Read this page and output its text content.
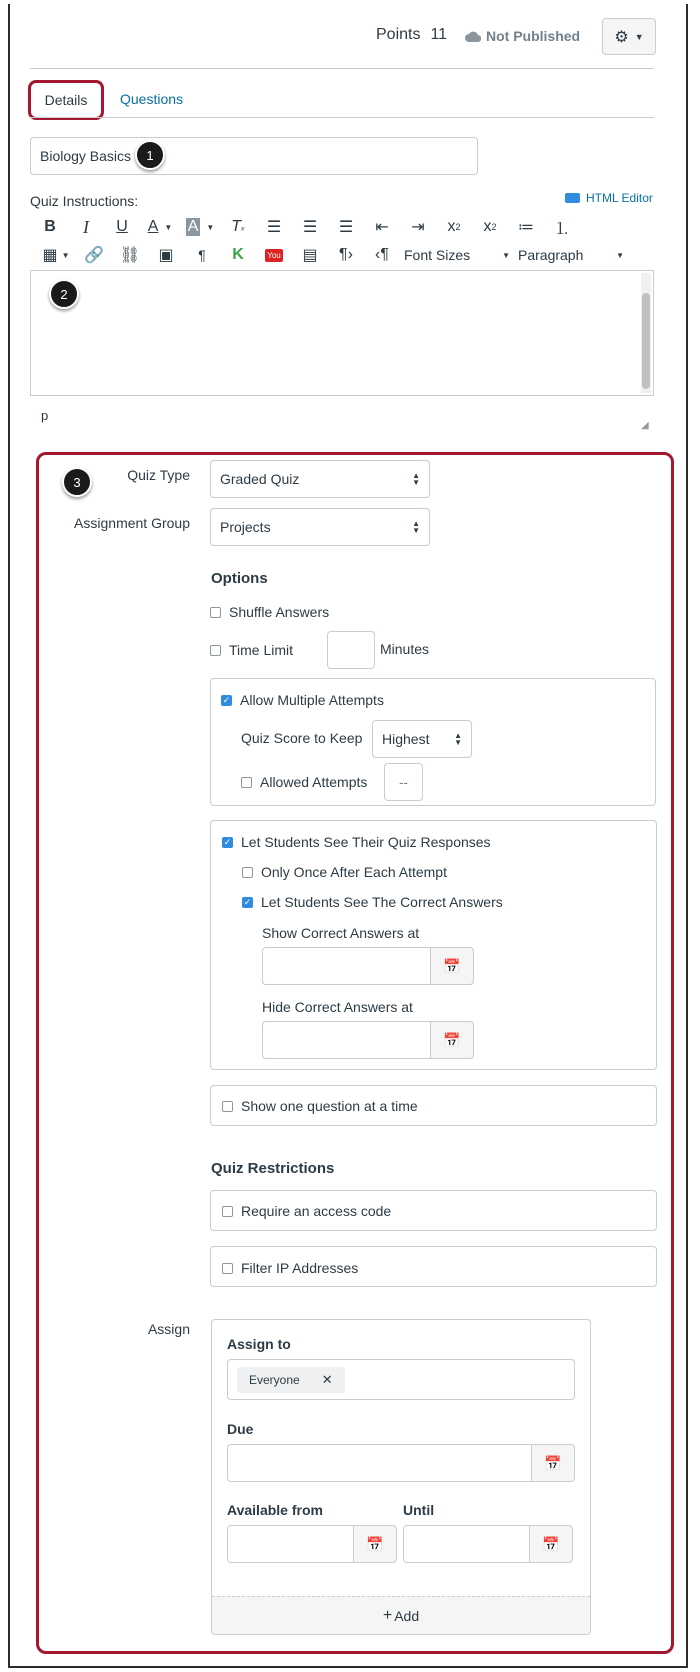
Points 11	Not Published ⚙ ▼
Details Questions
Biology Basics	1
Quiz Instructions:	HTML Editor
B	I	U	A ▼ A ▼	T ₓ	☰	☰	☰	⇤	⇥	x 2	x 2	≔	⒈
▦ ▼ 🔗 ⛓	▣	¶	K	You	▤	¶›	‹¶	Font Sizes	▼ Paragraph	▼
2
p
◢
3	Quiz Type Graded Quiz	▲
▼
Assignment Group Projects	▲
▼
Options
Shuffle Answers
Time Limit	Minutes
✓ Allow Multiple Attempts
Quiz Score to Keep Highest	▲
▼
Allowed Attempts --
✓ Let Students See Their Quiz Responses
Only Once After Each Attempt
✓ Let Students See The Correct Answers
Show Correct Answers at
📅
Hide Correct Answers at
📅
Show one question at a time
Quiz Restrictions
Require an access code
Filter IP Addresses
Assign
Assign to
Everyone ✕
Due
📅
Available from
📅
Until
📅
+ Add
